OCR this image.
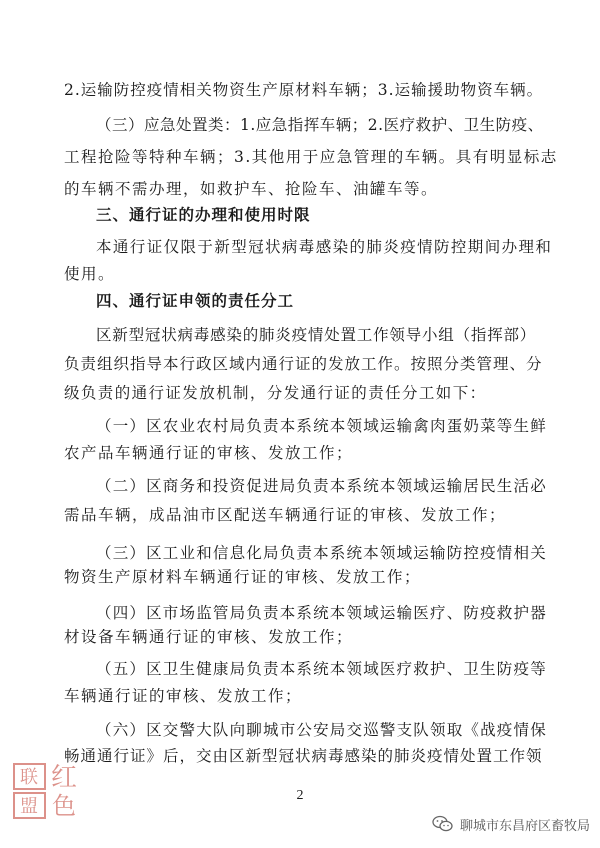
2.运输防控疫情相关物资生产原材料车辆；3.运输援助物资车辆。
（三）应急处置类：1.应急指挥车辆；2.医疗救护、卫生防疫、
工程抢险等特种车辆；3.其他用于应急管理的车辆。具有明显标志
的车辆不需办理，如救护车、抢险车、油罐车等。
三、通行证的办理和使用时限
本通行证仅限于新型冠状病毒感染的肺炎疫情防控期间办理和
使用。
四、通行证申领的责任分工
区新型冠状病毒感染的肺炎疫情处置工作领导小组（指挥部）
负责组织指导本行政区域内通行证的发放工作。按照分类管理、分
级负责的通行证发放机制，分发通行证的责任分工如下：
（一）区农业农村局负责本系统本领域运输禽肉蛋奶菜等生鲜
农产品车辆通行证的审核、发放工作；
（二）区商务和投资促进局负责本系统本领域运输居民生活必
需品车辆，成品油市区配送车辆通行证的审核、发放工作；
（三）区工业和信息化局负责本系统本领域运输防控疫情相关
物资生产原材料车辆通行证的审核、发放工作；
（四）区市场监管局负责本系统本领域运输医疗、防疫救护器
材设备车辆通行证的审核、发放工作；
（五）区卫生健康局负责本系统本领域医疗救护、卫生防疫等
车辆通行证的审核、发放工作；
（六）区交警大队向聊城市公安局交巡警支队领取《战疫情保
畅通通行证》后，交由区新型冠状病毒感染的肺炎疫情处置工作领
2
联
盟
红
色
聊城市东昌府区畜牧局
